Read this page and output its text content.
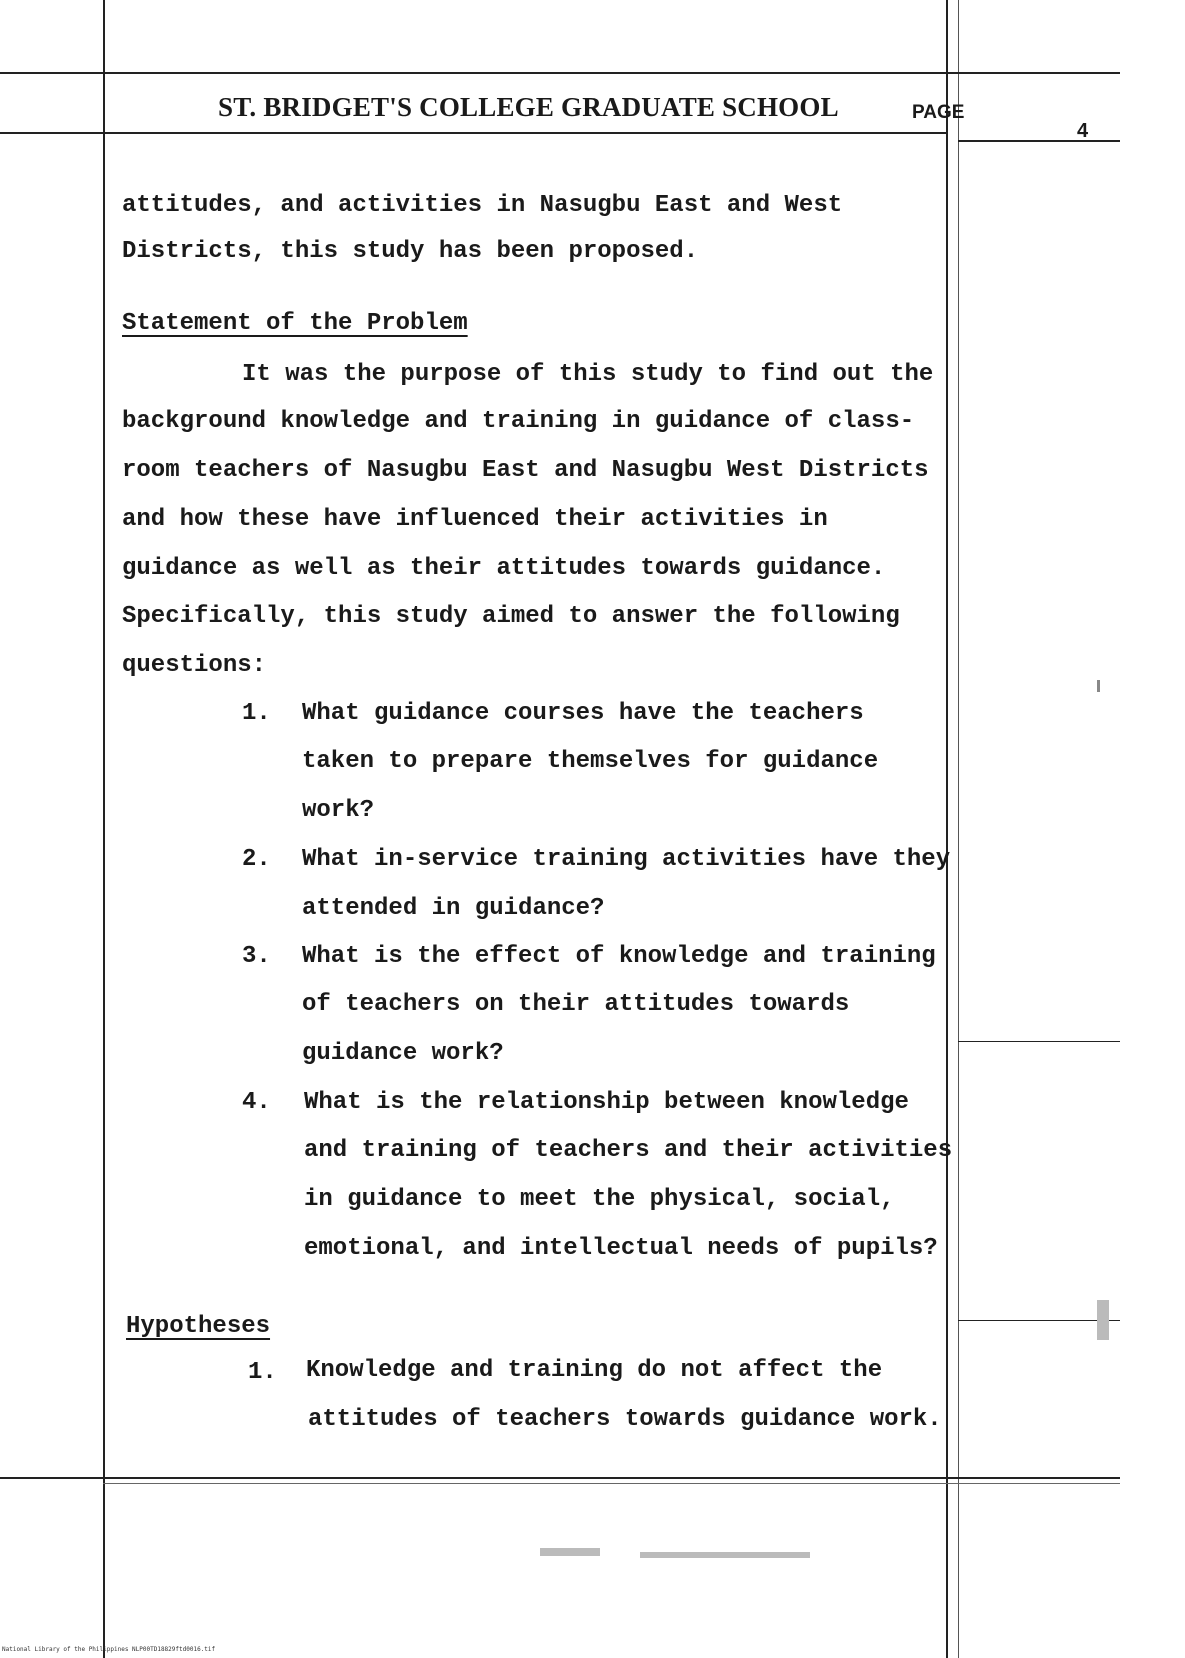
ST. BRIDGET'S COLLEGE GRADUATE SCHOOL	PAGE
4
attitudes, and activities in Nasugbu East and West
Districts, this study has been proposed.
Statement of the Problem
It was the purpose of this study to find out the
background knowledge and training in guidance of class-
room teachers of Nasugbu East and Nasugbu West Districts
and how these have influenced their activities in
guidance as well as their attitudes towards guidance.
Specifically, this study aimed to answer the following
questions:
1. What guidance courses have the teachers
taken to prepare themselves for guidance
work?
2. What in-service training activities have they
attended in guidance?
3. What is the effect of knowledge and training
of teachers on their attitudes towards
guidance work?
4. What is the relationship between knowledge
and training of teachers and their activities
in guidance to meet the physical, social,
emotional, and intellectual needs of pupils?
Hypotheses
1. Knowledge and training do not affect the
attitudes of teachers towards guidance work.
National Library of the Philippines NLP00TD18829ftd0016.tif
